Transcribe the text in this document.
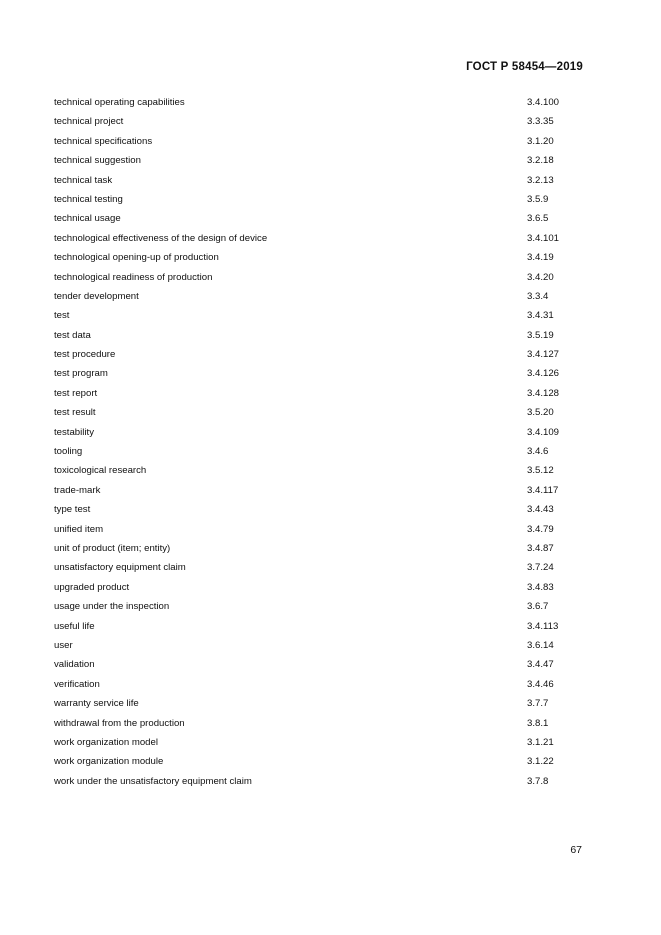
ГОСТ Р 58454—2019
technical operating capabilities	3.4.100
technical project	3.3.35
technical specifications	3.1.20
technical suggestion	3.2.18
technical task	3.2.13
technical testing	3.5.9
technical usage	3.6.5
technological effectiveness of the design of device	3.4.101
technological opening-up of production	3.4.19
technological readiness of production	3.4.20
tender development	3.3.4
test	3.4.31
test data	3.5.19
test procedure	3.4.127
test program	3.4.126
test report	3.4.128
test result	3.5.20
testability	3.4.109
tooling	3.4.6
toxicological research	3.5.12
trade-mark	3.4.117
type test	3.4.43
unified item	3.4.79
unit of product (item; entity)	3.4.87
unsatisfactory equipment claim	3.7.24
upgraded product	3.4.83
usage under the inspection	3.6.7
useful life	3.4.113
user	3.6.14
validation	3.4.47
verification	3.4.46
warranty service life	3.7.7
withdrawal from the production	3.8.1
work organization model	3.1.21
work organization module	3.1.22
work under the unsatisfactory equipment claim	3.7.8
67
